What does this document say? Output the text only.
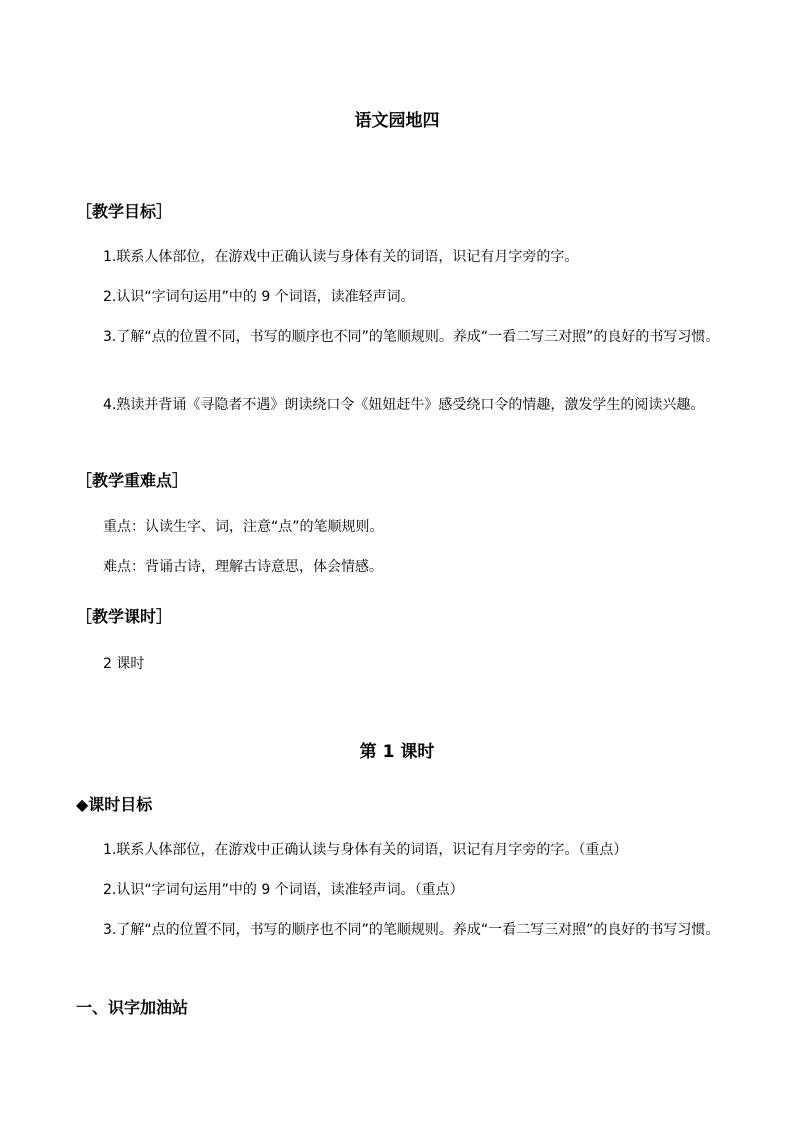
语文园地四
［教学目标］
1.联系人体部位，在游戏中正确认读与身体有关的词语，识记有月字旁的字。
2.认识“字词句运用”中的 9 个词语，读准轻声词。
3.了解“点的位置不同，书写的顺序也不同”的笔顺规则。养成“一看二写三对照”的良好的书写习惯。
4.熟读并背诵《寻隐者不遇》朗读绕口令《妞妞赶牛》感受绕口令的情趣，激发学生的阅读兴趣。
［教学重难点］
重点：认读生字、词，注意“点”的笔顺规则。
难点：背诵古诗，理解古诗意思，体会情感。
［教学课时］
2 课时
第 1 课时
◆课时目标
1.联系人体部位，在游戏中正确认读与身体有关的词语，识记有月字旁的字。（重点）
2.认识“字词句运用”中的 9 个词语，读准轻声词。（重点）
3.了解“点的位置不同，书写的顺序也不同”的笔顺规则。养成“一看二写三对照”的良好的书写习惯。
一、识字加油站
